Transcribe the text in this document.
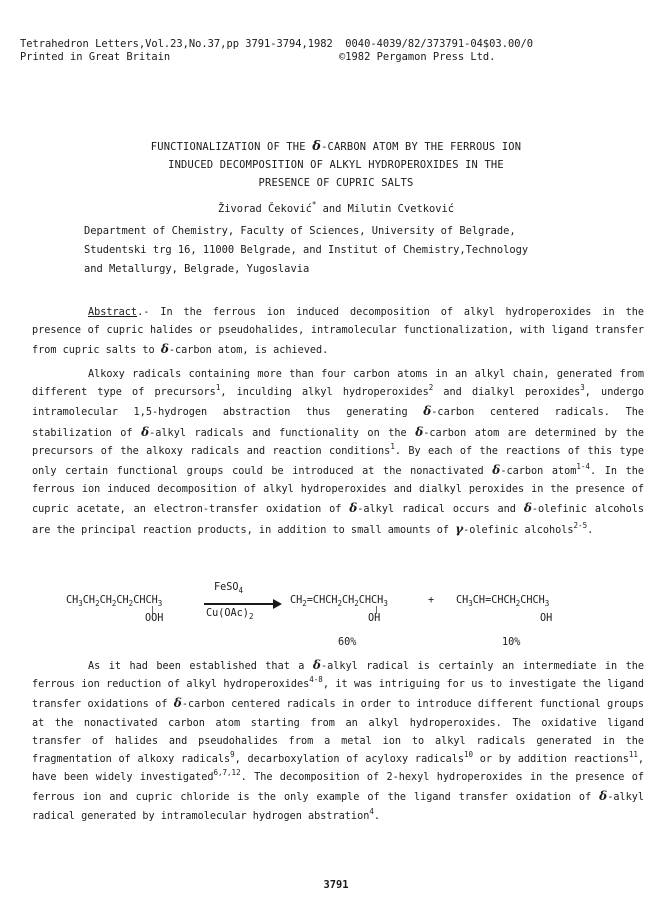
Tetrahedron Letters,Vol.23,No.37,pp 3791-3794,1982  0040-4039/82/373791-04$03.00/0
Printed in Great Britain                           ©1982 Pergamon Press Ltd.
FUNCTIONALIZATION OF THE δ-CARBON ATOM BY THE FERROUS ION
INDUCED DECOMPOSITION OF ALKYL HYDROPEROXIDES IN THE
PRESENCE OF CUPRIC SALTS
Živorad Čeković* and Milutin Cvetković
Department of Chemistry, Faculty of Sciences, University of Belgrade,
Studentski trg 16, 11000 Belgrade, and Institut of Chemistry,Technology
and Metallurgy, Belgrade, Yugoslavia

Abstract.- In the ferrous ion induced decomposition of alkyl hydroperoxides in the presence of cupric halides or pseudohalides, intramolecular functionalization, with ligand transfer from cupric salts to δ-carbon atom, is achieved.

Alkoxy radicals containing more than four carbon atoms in an alkyl chain, generated from different type of precursors$^1$, inculding alkyl hydroperoxides$^2$ and dialkyl peroxides$^3$, undergo intramolecular 1,5-hydrogen abstraction thus generating δ-carbon centered radicals. The stabilization of δ-alkyl radicals and functionality on the δ-carbon atom are determined by the precursors of the alkoxy radicals and reaction conditions$^1$. By each of the reactions of this type only certain functional groups could be introduced at the nonactivated δ-carbon atom$^{1-4}$. In the ferrous ion induced decomposition of alkyl hydroperoxides and dialkyl peroxides in the presence of cupric acetate, an electron-transfer oxidation of δ-alkyl radical occurs and δ-olefinic alcohols are the principal reaction products, in addition to small amounts of γ-olefinic alcohols$^{2-5}$.

$CH_3CH_2CH_2CH_2CHCH_3$
|
OOH
FeSO$_4$
$Cu(OAc)_2$
$CH_2=CHCH_2CH_2CHCH_3$
|
OH
+ $CH_3CH=CHCH_2CHCH_3$
OH
60%	10%

As it had been established that a δ-alkyl radical is certainly an intermediate in the ferrous ion reduction of alkyl hydroperoxides$^{4-8}$, it was intriguing for us to investigate the ligand transfer oxidations of δ-carbon centered radicals in order to introduce different functional groups at the nonactivated carbon atom starting from an alkyl hydroperoxides. The oxidative ligand transfer of halides and pseudohalides from a metal ion to alkyl radicals generated in the fragmentation of alkoxy radicals$^9$, decarboxylation of acyloxy radicals$^{10}$ or by addition reactions$^{11}$, have been widely investigated$^{6,7,12}$. The decomposition of 2-hexyl hydroperoxides in the presence of ferrous ion and cupric chloride is the only example of the ligand transfer oxidation of δ-alkyl radical generated by intramolecular hydrogen abstration$^4$.

3791
